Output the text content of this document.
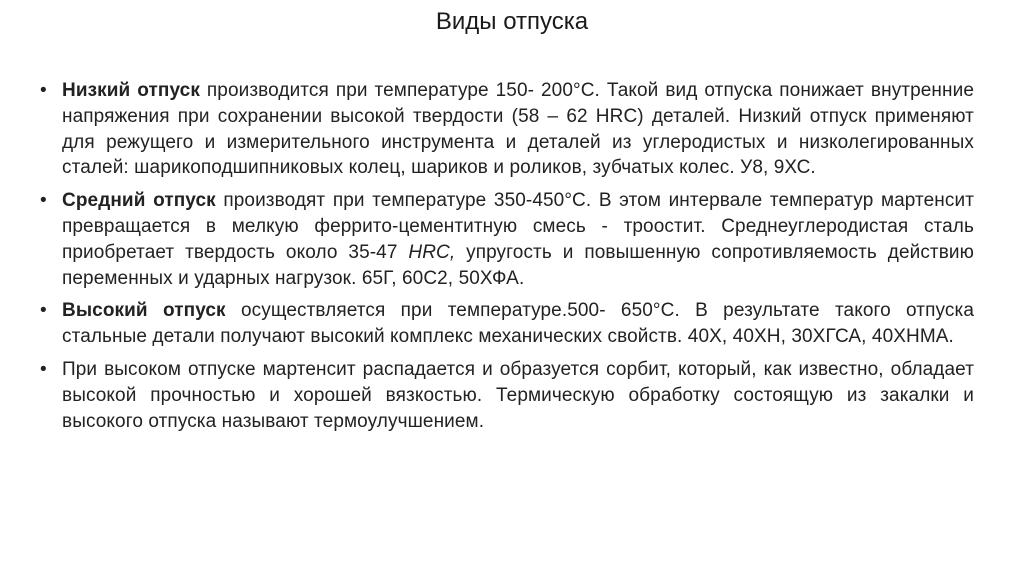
Виды отпуска
• Низкий отпуск производится при температуре 150- 200°С. Такой вид отпуска понижает внутренние напряжения при сохранении высокой твердости (58 – 62 HRC) деталей. Низкий отпуск применяют для режущего и измерительного инструмента и деталей из углеродистых и низколегированных сталей: шарикоподшипниковых колец, шариков и роликов, зубчатых колес. У8, 9ХС.
• Средний отпуск производят при температуре 350-450°С. В этом интервале температур мартенсит превращается в мелкую феррито-цементитную смесь - троостит. Среднеуглеродистая сталь приобретает твердость около 35-47 HRC, упругость и повышенную сопротивляемость действию переменных и ударных нагрузок. 65Г, 60С2, 50ХФА.
• Высокий отпуск осуществляется при температуре.500- 650°С. В результате такого отпуска стальные детали получают высокий комплекс механических свойств. 40Х, 40ХН, 30ХГСА, 40ХНМА.
• При высоком отпуске мартенсит распадается и образуется сорбит, который, как известно, обладает высокой прочностью и хорошей вязкостью. Термическую обработку состоящую из закалки и высокого отпуска называют термоулучшением.
